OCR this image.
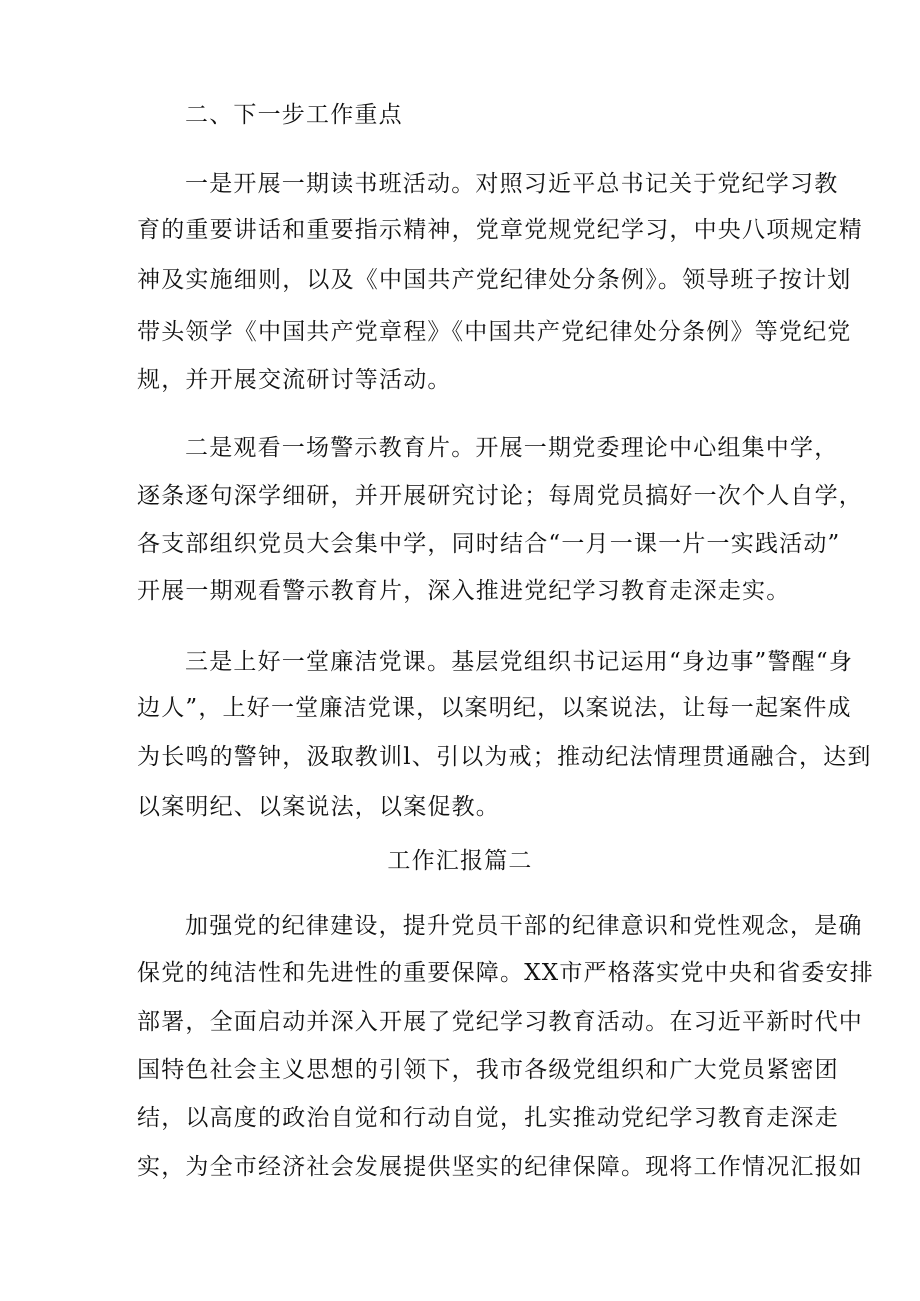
二、下一步工作重点
一是开展一期读书班活动。对照习近平总书记关于党纪学习教
育的重要讲话和重要指示精神，党章党规党纪学习，中央八项规定精
神及实施细则，以及《中国共产党纪律处分条例》。领导班子按计划
带头领学《中国共产党章程》《中国共产党纪律处分条例》等党纪党
规，并开展交流研讨等活动。
二是观看一场警示教育片。开展一期党委理论中心组集中学，
逐条逐句深学细研，并开展研究讨论；每周党员搞好一次个人自学，
各支部组织党员大会集中学，同时结合“一月一课一片一实践活动”
开展一期观看警示教育片，深入推进党纪学习教育走深走实。
三是上好一堂廉洁党课。基层党组织书记运用“身边事”警醒“身
边人”，上好一堂廉洁党课，以案明纪，以案说法，让每一起案件成
为长鸣的警钟，汲取教训l、引以为戒；推动纪法情理贯通融合，达到
以案明纪、以案说法，以案促教。
工作汇报篇二
加强党的纪律建设，提升党员干部的纪律意识和党性观念，是确
保党的纯洁性和先进性的重要保障。XX市严格落实党中央和省委安排
部署，全面启动并深入开展了党纪学习教育活动。在习近平新时代中
国特色社会主义思想的引领下，我市各级党组织和广大党员紧密团
结，以高度的政治自觉和行动自觉，扎实推动党纪学习教育走深走
实，为全市经济社会发展提供坚实的纪律保障。现将工作情况汇报如
